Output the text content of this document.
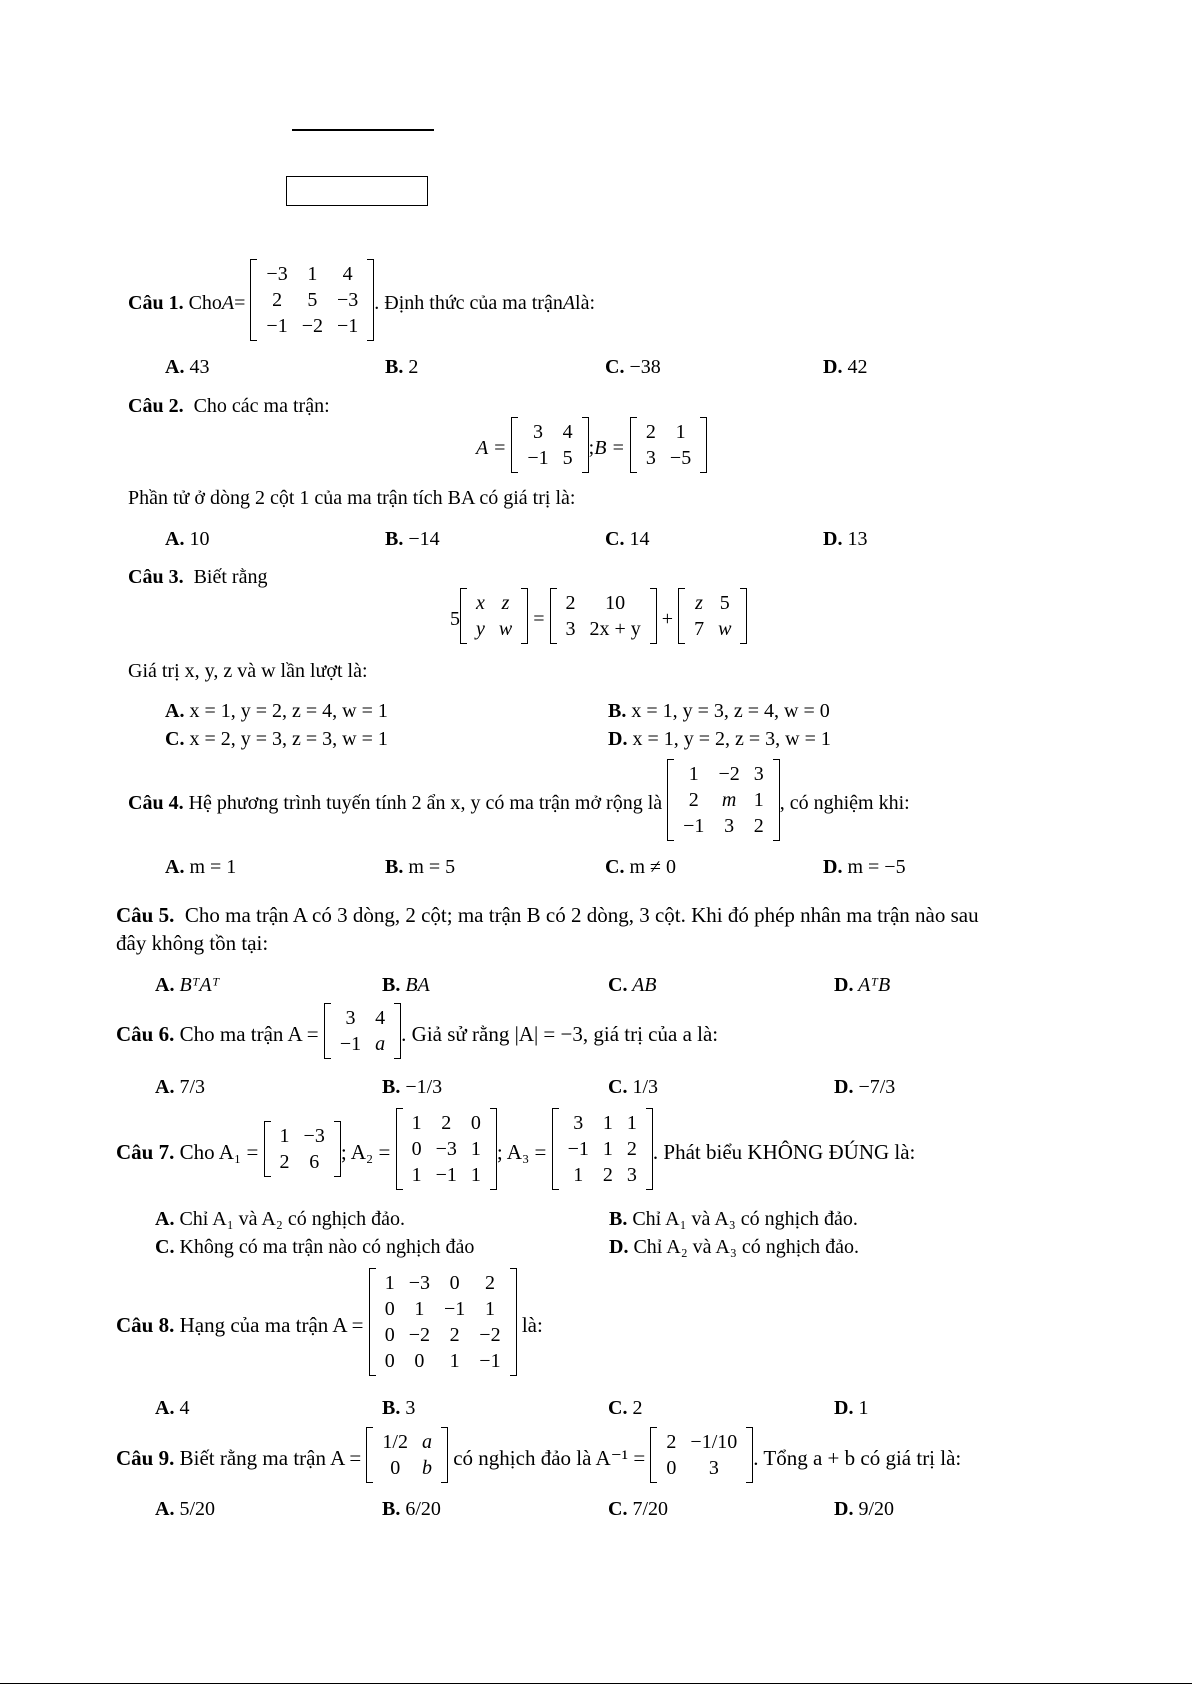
Câu 1.
Cho A =

−3	1	4
2	5	−3
−1	−2	−1
. Định thức của ma trận A là:
Câu 2. Cho các ma trận:
A =

3	4
−1	5 ; B =

2	1
3	−5
Phần tử ở dòng 2 cột 1 của ma trận tích BA có giá trị là:
Câu 3. Biết rằng
5
x	z
y	w
=

2	10
3	2x + y
+

z	5
7	w
Giá trị x, y, z và w lần lượt là:
Câu 4.
Hệ phương trình tuyến tính 2 ẩn x, y có ma trận mở rộng là

1	−2	3
2	m	1
−1	3	2
, có nghiệm khi:
Câu 5. Cho ma trận A có 3 dòng, 2 cột; ma trận B có 2 dòng, 3 cột. Khi đó phép nhân ma trận nào sau
đây không tồn tại:
Câu 6.
Cho ma trận A =

3	4
−1	a . Giả sử rằng |A| = −3, giá trị của a là:
Câu 7.
Cho A₁ =

1	−3
2	6 ; A₂ =

1	2	0
0	−3	1
1	−1	1
; A₃ =

3	1	1
−1	1	2
1	2	3
. Phát biểu KHÔNG ĐÚNG là:
Câu 8.
Hạng của ma trận A =

1	−3	0	2
0	1	−1	1
0	−2	2	−2
0	0	1	−1

là:
Câu 9.
Biết rằng ma trận A =

1/2	a
0	b
có nghịch đảo là A⁻¹ =

2	−1/10
0	3 . Tổng a + b có giá trị là:
A. 43	B. 2	C. −38	D. 42
A. 10	B. −14	C. 14	D. 13
A. x = 1, y = 2, z = 4, w = 1	B. x = 1, y = 3, z = 4, w = 0
C. x = 2, y = 3, z = 3, w = 1	D. x = 1, y = 2, z = 3, w = 1
A. m = 1	B. m = 5	C. m ≠ 0	D. m = −5
A. BᵀAᵀ	B. BA	C. AB	D. AᵀB
A. 7/3	B. −1/3	C. 1/3	D. −7/3
A. Chỉ A₁ và A₂ có nghịch đảo.	B. Chỉ A₁ và A₃ có nghịch đảo.
C. Không có ma trận nào có nghịch đảo	D. Chỉ A₂ và A₃ có nghịch đảo.
A. 4	B. 3	C. 2	D. 1
A. 5/20	B. 6/20	C. 7/20	D. 9/20
